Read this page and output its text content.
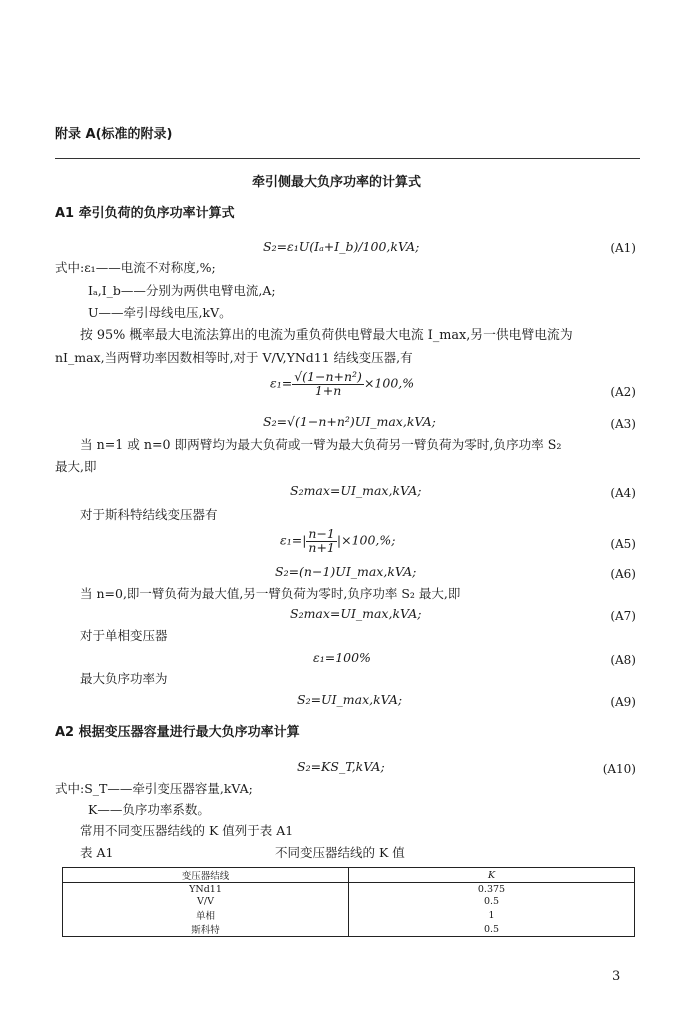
附录 A(标准的附录)
牵引侧最大负序功率的计算式
A1 牵引负荷的负序功率计算式
S₂=ε₁U(Iₐ+I_b)/100,kVA;	(A1)
式中:ε₁——电流不对称度,%;
Iₐ,I_b——分别为两供电臂电流,A;
U——牵引母线电压,kV。
按 95% 概率最大电流法算出的电流为重负荷供电臂最大电流 I_max,另一供电臂电流为
nI_max,当两臂功率因数相等时,对于 V/V,YNd11 结线变压器,有
$\varepsilon_1= \frac{\text{√(1−n+n²)}}{1+n} \times 100,\%$
(A2)
S₂=√(1−n+n²)UI_max,kVA;	(A3)
当 n=1 或 n=0 即两臂均为最大负荷或一臂为最大负荷另一臂负荷为零时,负序功率 S₂
最大,即
S₂max=UI_max,kVA;	(A4)
对于斯科特结线变压器有
$\varepsilon_1=| \frac{n-1}{n+1} |\times 100,\%$;	(A5)
S₂=(n−1)UI_max,kVA;	(A6)
当 n=0,即一臂负荷为最大值,另一臂负荷为零时,负序功率 S₂ 最大,即
S₂max=UI_max,kVA;	(A7)
对于单相变压器
ε₁=100%	(A8)
最大负序功率为
S₂=UI_max,kVA;	(A9)
A2 根据变压器容量进行最大负序功率计算
S₂=KS_T,kVA;	(A10)
式中:S_T——牵引变压器容量,kVA;
K——负序功率系数。
常用不同变压器结线的 K 值列于表 A1
表 A1	不同变压器结线的 K 值
变压器结线	K
YNd11	0.375
V/V	0.5
单相	1
斯科特	0.5
3
